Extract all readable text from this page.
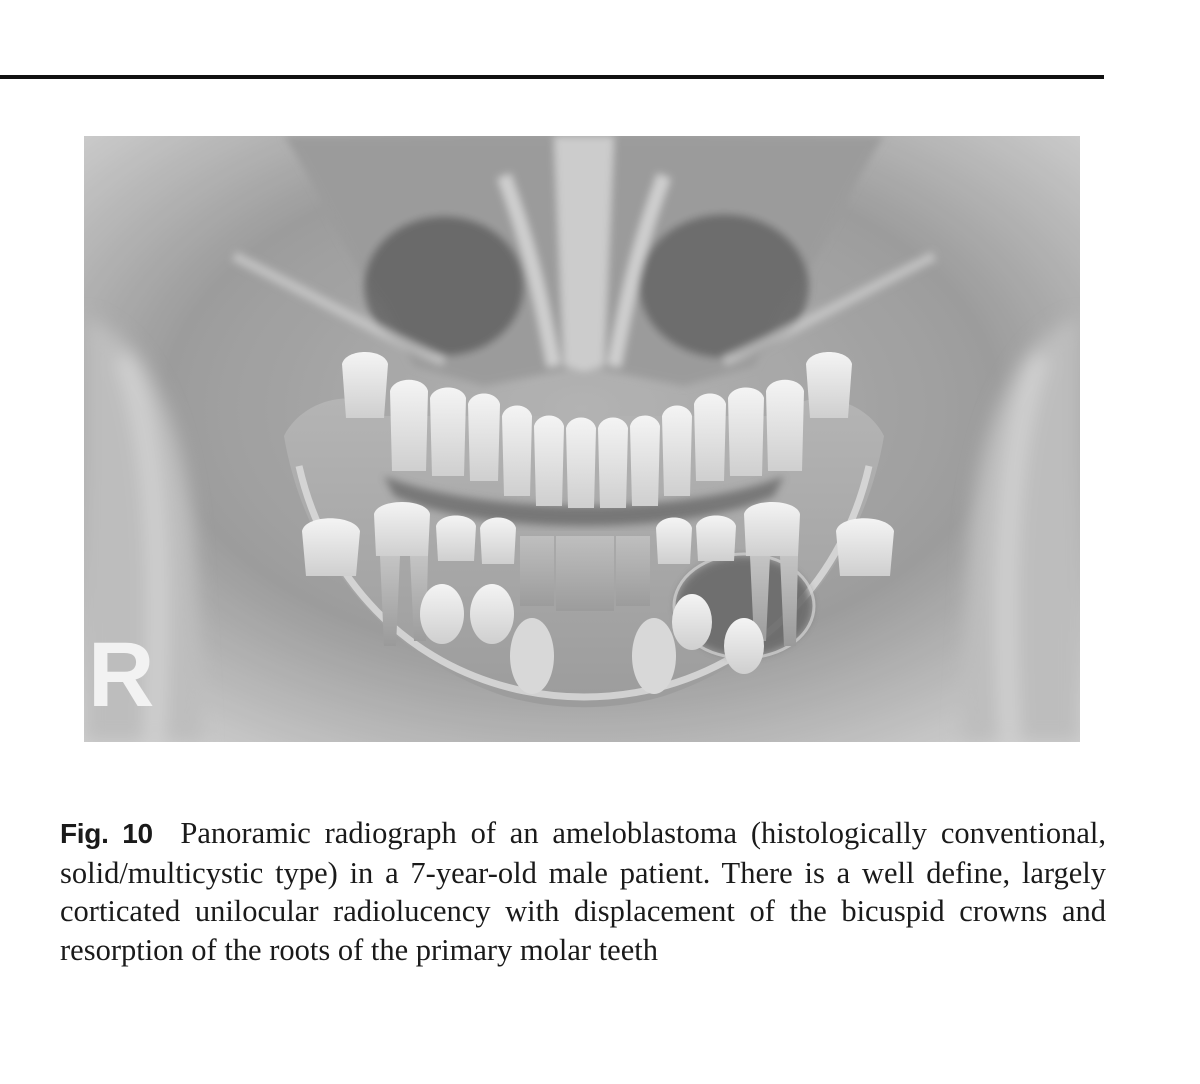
R

Fig. 10 Panoramic radiograph of an ameloblastoma (histologically conventional, solid/multicystic type) in a 7-year-old male patient. There is a well define, largely corticated unilocular radiolucency with displacement of the bicuspid crowns and resorption of the roots of the primary molar teeth
